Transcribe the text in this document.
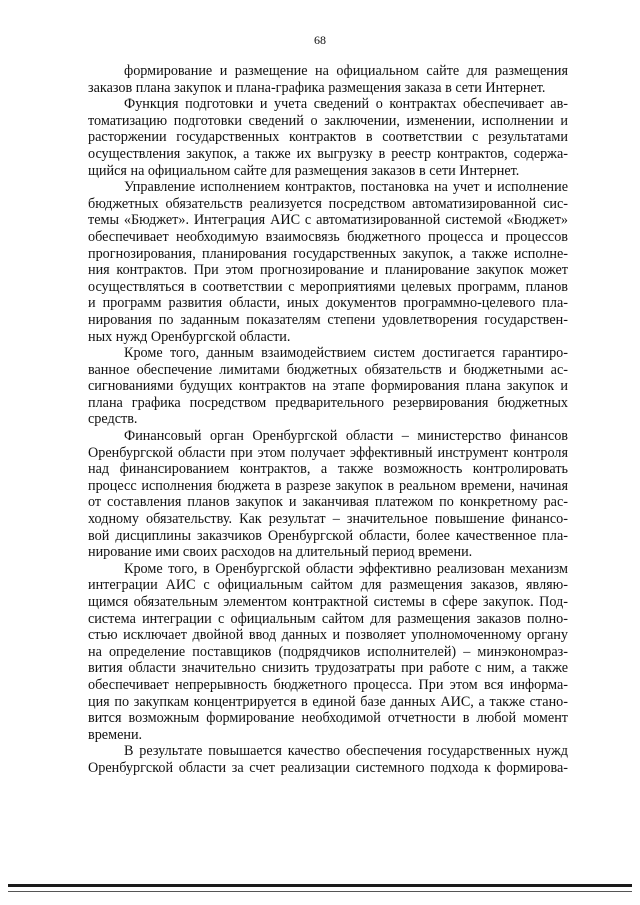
68
формирование и размещение на официальном сайте для размещения
заказов плана закупок и плана-графика размещения заказа в сети Интернет.
Функция подготовки и учета сведений о контрактах обеспечивает ав-
томатизацию подготовки сведений о заключении, изменении, исполнении и
расторжении государственных контрактов в соответствии с результатами
осуществления закупок, а также их выгрузку в реестр контрактов, содержа-
щийся на официальном сайте для размещения заказов в сети Интернет.
Управление исполнением контрактов, постановка на учет и исполнение
бюджетных обязательств реализуется посредством автоматизированной сис-
темы «Бюджет». Интеграция АИС с автоматизированной системой «Бюджет»
обеспечивает необходимую взаимосвязь бюджетного процесса и процессов
прогнозирования, планирования государственных закупок, а также исполне-
ния контрактов. При этом прогнозирование и планирование закупок может
осуществляться в соответствии с мероприятиями целевых программ, планов
и программ развития области, иных документов программно-целевого пла-
нирования по заданным показателям степени удовлетворения государствен-
ных нужд Оренбургской области.
Кроме того, данным взаимодействием систем достигается гарантиро-
ванное обеспечение лимитами бюджетных обязательств и бюджетными ас-
сигнованиями будущих контрактов на этапе формирования плана закупок и
плана графика посредством предварительного резервирования бюджетных
средств.
Финансовый орган Оренбургской области – министерство финансов
Оренбургской области при этом получает эффективный инструмент контроля
над финансированием контрактов, а также возможность контролировать
процесс исполнения бюджета в разрезе закупок в реальном времени, начиная
от составления планов закупок и заканчивая платежом по конкретному рас-
ходному обязательству. Как результат – значительное повышение финансо-
вой дисциплины заказчиков Оренбургской области, более качественное пла-
нирование ими своих расходов на длительный период времени.
Кроме того, в Оренбургской области эффективно реализован механизм
интеграции АИС с официальным сайтом для размещения заказов, являю-
щимся обязательным элементом контрактной системы в сфере закупок. Под-
система интеграции с официальным сайтом для размещения заказов полно-
стью исключает двойной ввод данных и позволяет уполномоченному органу
на определение поставщиков (подрядчиков исполнителей) – минэкономраз-
вития области значительно снизить трудозатраты при работе с ним, а также
обеспечивает непрерывность бюджетного процесса. При этом вся информа-
ция по закупкам концентрируется в единой базе данных АИС, а также стано-
вится возможным формирование необходимой отчетности в любой момент
времени.
В результате повышается качество обеспечения государственных нужд
Оренбургской области за счет реализации системного подхода к формирова-
